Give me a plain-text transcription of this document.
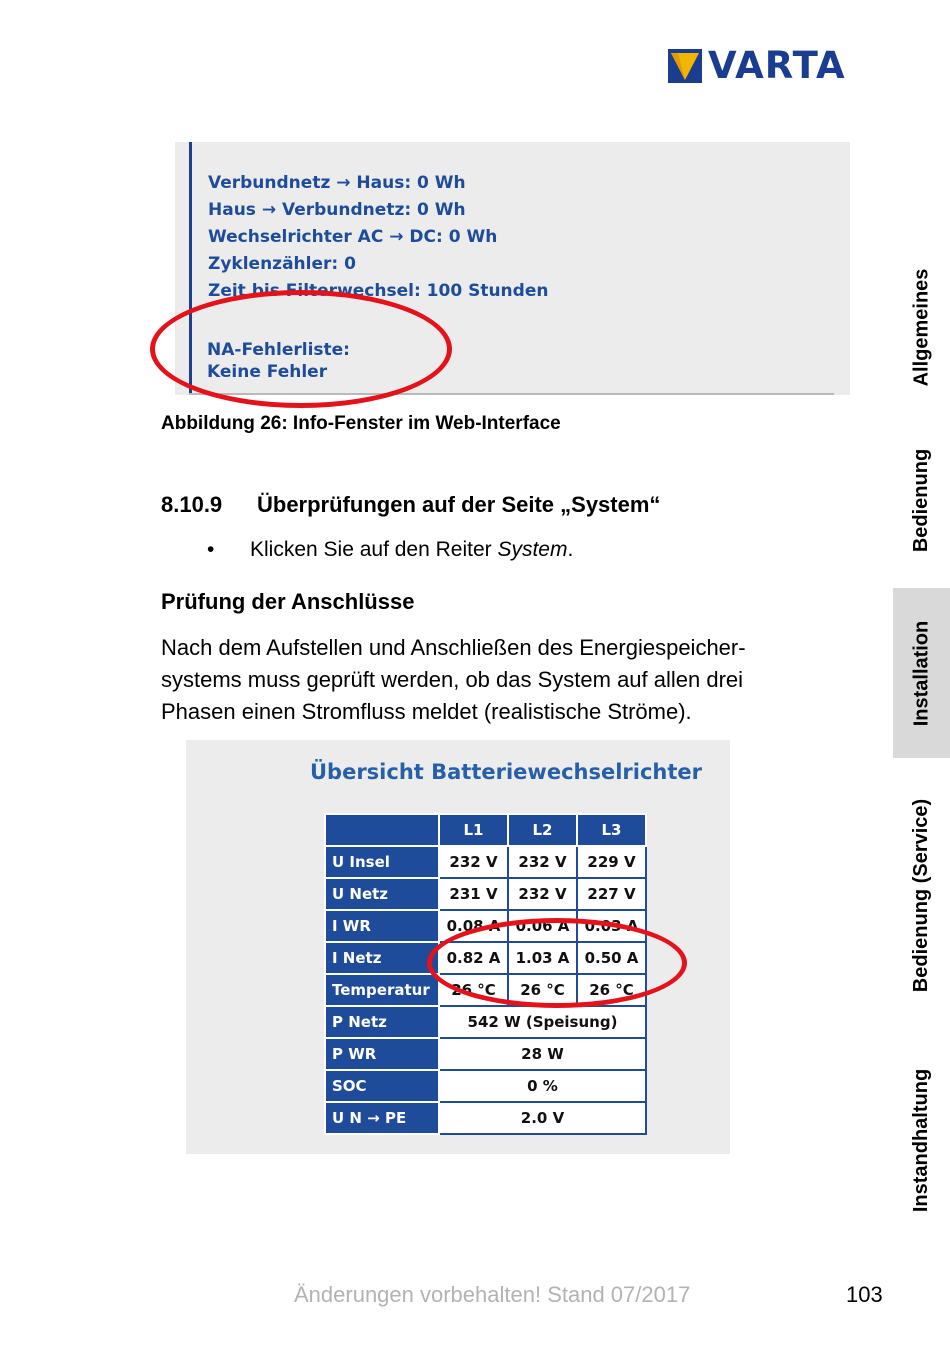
VARTA
Verbundnetz → Haus: 0 Wh
Haus → Verbundnetz: 0 Wh
Wechselrichter AC → DC: 0 Wh
Zyklenzähler: 0
Zeit bis Filterwechsel: 100 Stunden
NA-Fehlerliste:
Keine Fehler
Abbildung 26: Info-Fenster im Web-Interface
8.10.9 Überprüfungen auf der Seite „System“
• Klicken Sie auf den Reiter System.
Prüfung der Anschlüsse
Nach dem Aufstellen und Anschließen des Energiespeicher-
systems muss geprüft werden, ob das System auf allen drei
Phasen einen Stromfluss meldet (realistische Ströme).
Übersicht Batteriewechselrichter
	L1	L2	L3
U Insel	232 V	232 V	229 V
U Netz	231 V	232 V	227 V
I WR	0.08 A	0.06 A	0.03 A
I Netz	0.82 A	1.03 A	0.50 A
Temperatur	26 °C	26 °C	26 °C
P Netz	542 W (Speisung)		
P WR	28 W		
SOC	0 %		
U N → PE	2.0 V		
Änderungen vorbehalten! Stand 07/2017	103
Allgemeines
Bedienung
Installation
Bedienung (Service)
Instandhaltung
